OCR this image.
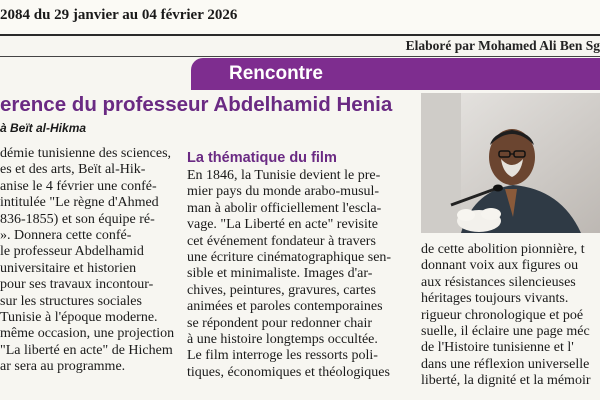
2084 du 29 janvier au 04 février 2026
Elaboré par Mohamed Ali Ben Sg
Rencontre
erence du professeur Abdelhamid Henia
à Beït al-Hikma
démie tunisienne des sciences,
es et des arts, Beït al-Hik-
anise le 4 février une confé-
intitulée "Le règne d'Ahmed
836-1855) et son équipe ré-
». Donnera cette confé-
le professeur Abdelhamid
universitaire et historien
pour ses travaux incontour-
sur les structures sociales
Tunisie à l'époque moderne.
même occasion, une projection
"La liberté en acte" de Hichem
ar sera au programme.
La thématique du film
En 1846, la Tunisie devient le pre-
mier pays du monde arabo-musul-
man à abolir officiellement l'escla-
vage. "La Liberté en acte" revisite
cet événement fondateur à travers
une écriture cinématographique sen-
sible et minimaliste. Images d'ar-
chives, peintures, gravures, cartes
animées et paroles contemporaines
se répondent pour redonner chair
à une histoire longtemps occultée.
Le film interroge les ressorts poli-
tiques, économiques et théologiques
de cette abolition pionnière, t
donnant voix aux figures ou
aux résistances silencieuses
héritages toujours vivants.
rigueur chronologique et poé
suelle, il éclaire une page méc
de l'Histoire tunisienne et l'
dans une réflexion universelle
liberté, la dignité et la mémoir
